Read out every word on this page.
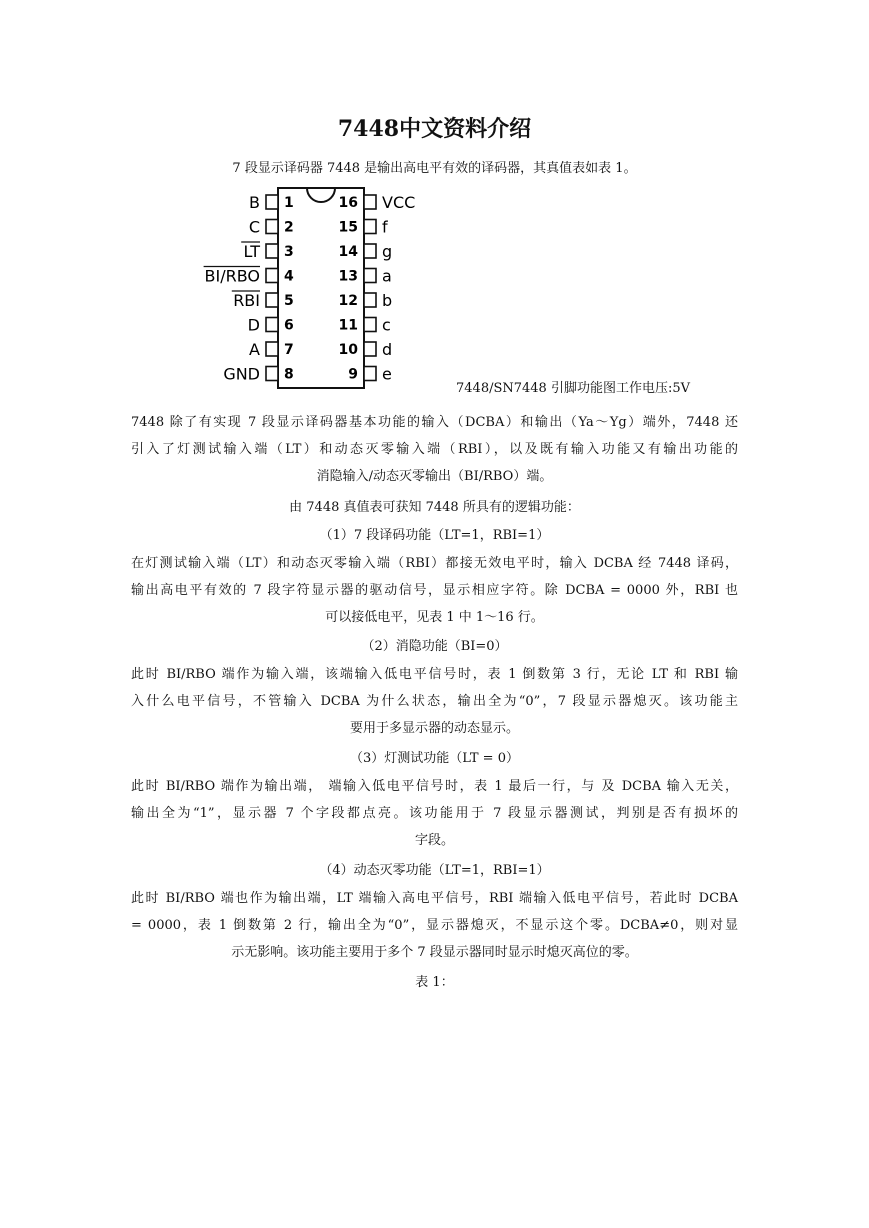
7448中文资料介绍
7 段显示译码器 7448 是输出高电平有效的译码器，其真值表如表 1。
1
B
2
C
3
LT
4
BI/RBO
5
RBI
6
D
7
A
8
GND
16 VCC
15 f
14 g
13 a
12 b
11 c
10 d
9 e
7448/SN7448 引脚功能图工作电压:5V
7448 除了有实现 7 段显示译码器基本功能的输入（DCBA）和输出（Ya～Yg）端外，7448 还
引入了灯测试输入端（LT）和动态灭零输入端（RBI），以及既有输入功能又有输出功能的
消隐输入/动态灭零输出（BI/RBO）端。
由 7448 真值表可获知 7448 所具有的逻辑功能：
（1）7 段译码功能（LT=1，RBI=1）
在灯测试输入端（LT）和动态灭零输入端（RBI）都接无效电平时，输入 DCBA 经 7448 译码，
输出高电平有效的 7 段字符显示器的驱动信号，显示相应字符。除 DCBA = 0000 外，RBI 也
可以接低电平，见表 1 中 1～16 行。
（2）消隐功能（BI=0）
此时 BI/RBO 端作为输入端，该端输入低电平信号时，表 1 倒数第 3 行，无论 LT 和 RBI 输
入什么电平信号，不管输入 DCBA 为什么状态，输出全为“0”，7 段显示器熄灭。该功能主
要用于多显示器的动态显示。
（3）灯测试功能（LT = 0）
此时 BI/RBO 端作为输出端， 端输入低电平信号时，表 1 最后一行，与 及 DCBA 输入无关，
输出全为“1”，显示器 7 个字段都点亮。该功能用于 7 段显示器测试，判别是否有损坏的
字段。
（4）动态灭零功能（LT=1，RBI=1）
此时 BI/RBO 端也作为输出端，LT 端输入高电平信号，RBI 端输入低电平信号，若此时 DCBA
= 0000，表 1 倒数第 2 行，输出全为“0”，显示器熄灭，不显示这个零。DCBA≠0，则对显
示无影响。该功能主要用于多个 7 段显示器同时显示时熄灭高位的零。
表 1：
